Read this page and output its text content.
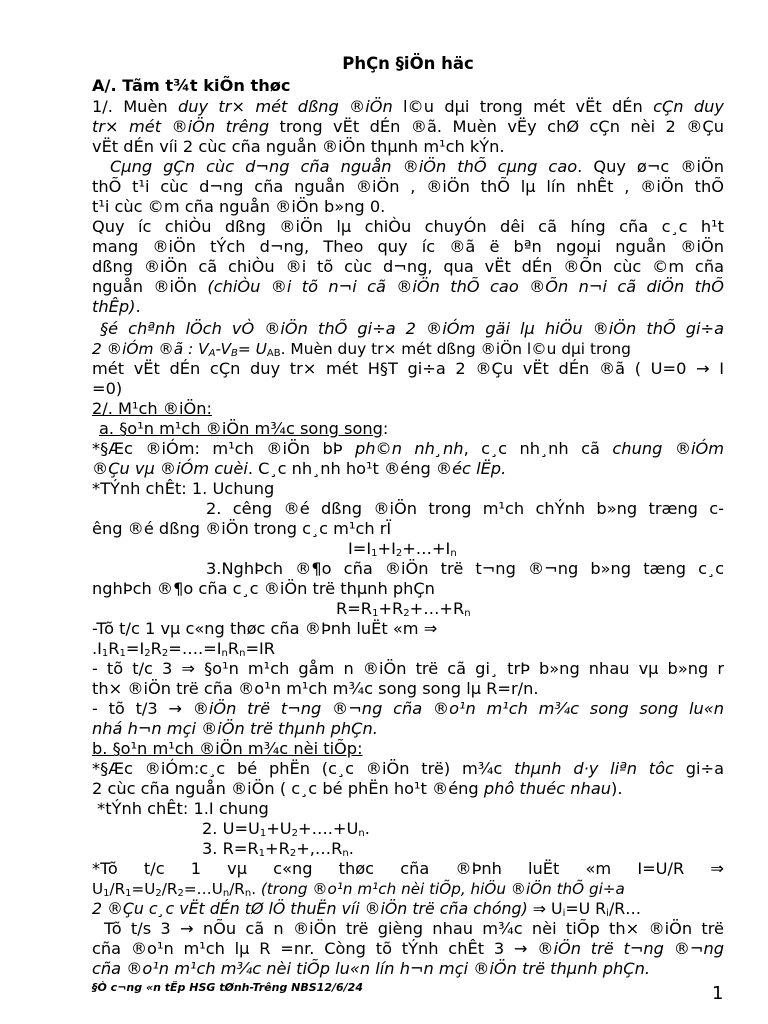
PhÇn §iÖn häc
A/. Tãm t¾t kiÕn thøc
1/. Muèn duy tr× mét dßng ®iÖn l©u dµi trong mét vËt dÉn cÇn duy
tr× mét ®iÖn trêng trong vËt dÉn ®ã. Muèn vËy chØ cÇn nèi 2 ®Çu
vËt dÉn víi 2 cùc cña nguån ®iÖn thµnh m¹ch kÝn.
Cµng gÇn cùc d¬ng cña nguån ®iÖn thÕ cµng cao. Quy ø¬c ®iÖn
thÕ t¹i cùc d¬ng cña nguån ®iÖn , ®iÖn thÕ lµ lín nhÊt , ®iÖn thÕ
t¹i cùc ©m cña nguån ®iÖn b»ng 0.
Quy íc chiÒu dßng ®iÖn lµ chiÒu chuyÓn dêi cã híng cña c¸c h¹t
mang ®iÖn tÝch d¬ng, Theo quy íc ®ã ë bªn ngoµi nguån ®iÖn
dßng ®iÖn cã chiÒu ®i tõ cùc d¬ng, qua vËt dÉn ®Õn cùc ©m cña
nguån ®iÖn (chiÒu ®i tõ n¬i cã ®iÖn thÕ cao ®Õn n¬i cã diÖn thÕ
thÊp).
§é chªnh lÖch vÒ ®iÖn thÕ gi÷a 2 ®iÓm gäi lµ hiÖu ®iÖn thÕ gi÷a
2 ®iÓm ®ã : $V_A-V_B= U_{AB}$. Muèn duy tr× mét dßng ®iÖn l©u dµi trong
mét vËt dÉn cÇn duy tr× mét H§T gi÷a 2 ®Çu vËt dÉn ®ã ( U=0 → I
=0)
2/. M¹ch ®iÖn:
a. §o¹n m¹ch ®iÖn m¾c song song:
*§Æc ®iÓm: m¹ch ®iÖn bÞ ph©n nh¸nh, c¸c nh¸nh cã chung ®iÓm
®Çu vµ ®iÓm cuèi. C¸c nh¸nh ho¹t ®éng ®éc lËp.
*TÝnh chÊt: 1. Uchung
2. cêng ®é dßng ®iÖn trong m¹ch chÝnh b»ng træng c-
êng ®é dßng ®iÖn trong c¸c m¹ch rÏ
$I=I_1+I_2+\dots+I_n$
3.NghÞch ®¶o cña ®iÖn trë t¬ng ®¬ng b»ng tæng c¸c
nghÞch ®¶o cña c¸c ®iÖn trë thµnh phÇn
$R=R_1+R_2+\dots+R_n$
-Tõ t/c 1 vµ c«ng thøc cña ®Þnh luËt «m ⇒
$.I_1R_1=I_2R_2=\dots.=I_nR_n=IR$
- tõ t/c 3 ⇒ §o¹n m¹ch gåm n ®iÖn trë cã gi¸ trÞ b»ng nhau vµ b»ng r
th× ®iÖn trë cña ®o¹n m¹ch m¾c song song lµ R=r/n.
- tõ t/3 → ®iÖn trë t¬ng ®¬ng cña ®o¹n m¹ch m¾c song song lu«n
nhá h¬n mçi ®iÖn trë thµnh phÇn.
b. §o¹n m¹ch ®iÖn m¾c nèi tiÕp:
*§Æc ®iÓm:c¸c bé phËn (c¸c ®iÖn trë) m¾c thµnh d·y liªn tôc gi÷a
2 cùc cña nguån ®iÖn ( c¸c bé phËn ho¹t ®éng phô thuéc nhau).
*tÝnh chÊt: 1.I chung
2. $U=U_1+U_2+\dots.+U_n$.
3. $R=R_1+R_2+,\dots R_n$.
*Tõ t/c 1 vµ c«ng thøc cña ®Þnh luËt «m I=U/R ⇒
$U_1/R_1=U_2/R_2=\dots U_n/R_n$. (trong ®o¹n m¹ch nèi tiÕp, hiÖu ®iÖn thÕ gi÷a
2 ®Çu c¸c vËt dÉn tØ lÖ thuËn víi ®iÖn trë cña chóng) ⇒ $U_i=U$ $R_i/R\dots$
Tõ t/s 3 → nÕu cã n ®iÖn trë gièng nhau m¾c nèi tiÕp th× ®iÖn trë
cña ®o¹n m¹ch lµ R =nr. Còng tõ tÝnh chÊt 3 → ®iÖn trë t¬ng ®¬ng
cña ®o¹n m¹ch m¾c nèi tiÕp lu«n lín h¬n mçi ®iÖn trë thµnh phÇn.
§Ò c¬ng «n tËp HSG tØnh-Trêng NBS12/6/24	1
